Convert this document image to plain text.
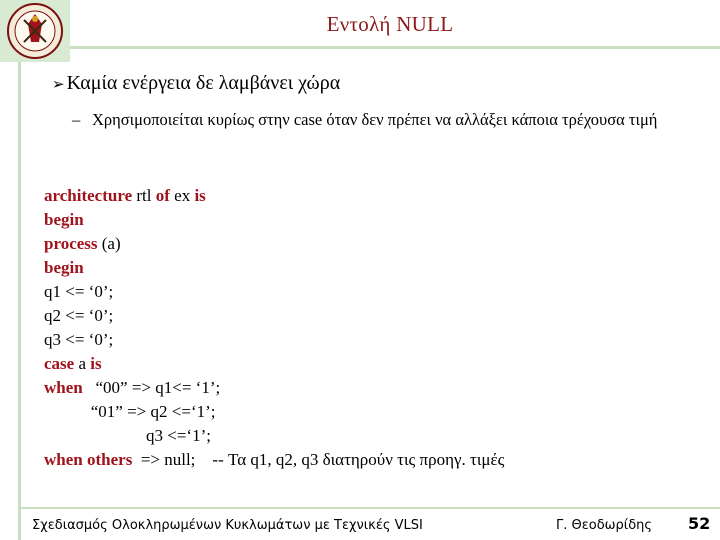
Εντολή NULL
➢ Καμία ενέργεια δε λαμβάνει χώρα
– Χρησιμοποιείται κυρίως στην case όταν δεν πρέπει να αλλάξει κάποια τρέχουσα τιμή
architecture rtl of ex is
begin
process (a)
begin
q1 <= ‘0’;
q2 <= ‘0’;
q3 <= ‘0’;
case a is
when   “00” => q1<= ‘1’;
“01” => q2 <=‘1’;
q3 <=‘1’;
when others  => null;    -- Τα q1, q2, q3 διατηρούν τις προηγ. τιμές
Σχεδιασμός Ολοκληρωμένων Κυκλωμάτων με Τεχνικές VLSI	Γ. Θεοδωρίδης 52
